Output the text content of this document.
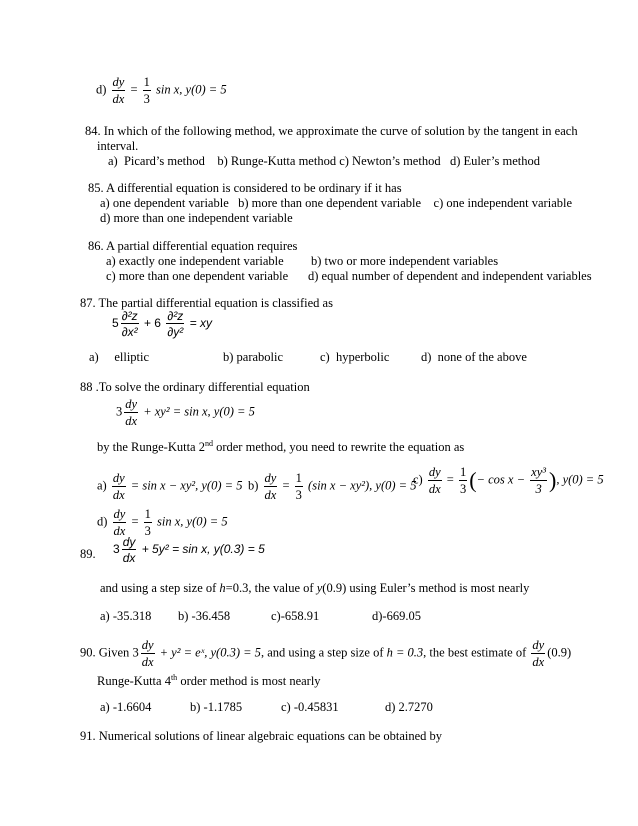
$d) \frac{dy}{dx} = \frac{1}{3}$ sin x, y(0) = 5
84. In which of the following method, we approximate the curve of solution by the tangent in each
interval.
a)  Picard’s method    b) Runge-Kutta method c) Newton’s method   d) Euler’s method
85. A differential equation is considered to be ordinary if it has
a) one dependent variable   b) more than one dependent variable    c) one independent variable
d) more than one independent variable
86. A partial differential equation requires
a) exactly one independent variable b) two or more independent variables
c) more than one dependent variable d) equal number of dependent and independent variables
87. The partial differential equation is classified as
$5 \frac{\text{∂²z}}{\text{∂x²}} + 6 \frac{\text{∂²z}}{\text{∂y²}}$ = xy
a)     elliptic	b) parabolic	c)  hyperbolic	d)  none of the above
88 .To solve the ordinary differential equation
$3 \frac{dy}{dx} + xy^2 = \sin x$, y(0) = 5
by the Runge-Kutta 2nd order method, you need to rewrite the equation as
$a) \frac{dy}{dx} = \sin x - xy^2$, y(0) = 5 $b) \frac{dy}{dx} = \frac{1}{3} (\sin$ x − xy²), y(0) = 5
$c) \frac{dy}{dx} = \frac{1}{3}$ (− $\cos x - \frac{\text{xy³}}{3}$ ), y(0) = 5
$d) \frac{dy}{dx} = \frac{1}{3}$ sin x, y(0) = 5
89. $3 \frac{dy}{dx} + 5y^2 = \sin x$, y(0.3) = 5
and using a step size of h=0.3, the value of y(0.9) using Euler’s method is most nearly
a) -35.318 b) -36.458	c)-658.91	d)-669.05
90. Given $3 \frac{dy}{dx} + y^2$ = eˣ, y(0.3) = 5, and using a step size of h = 0.3, the best estimate of $\frac{dy}{dx} (0.9)$
Runge-Kutta 4th order method is most nearly
a) -1.6604	b) -1.1785	c) -0.45831	d) 2.7270
91. Numerical solutions of linear algebraic equations can be obtained by
